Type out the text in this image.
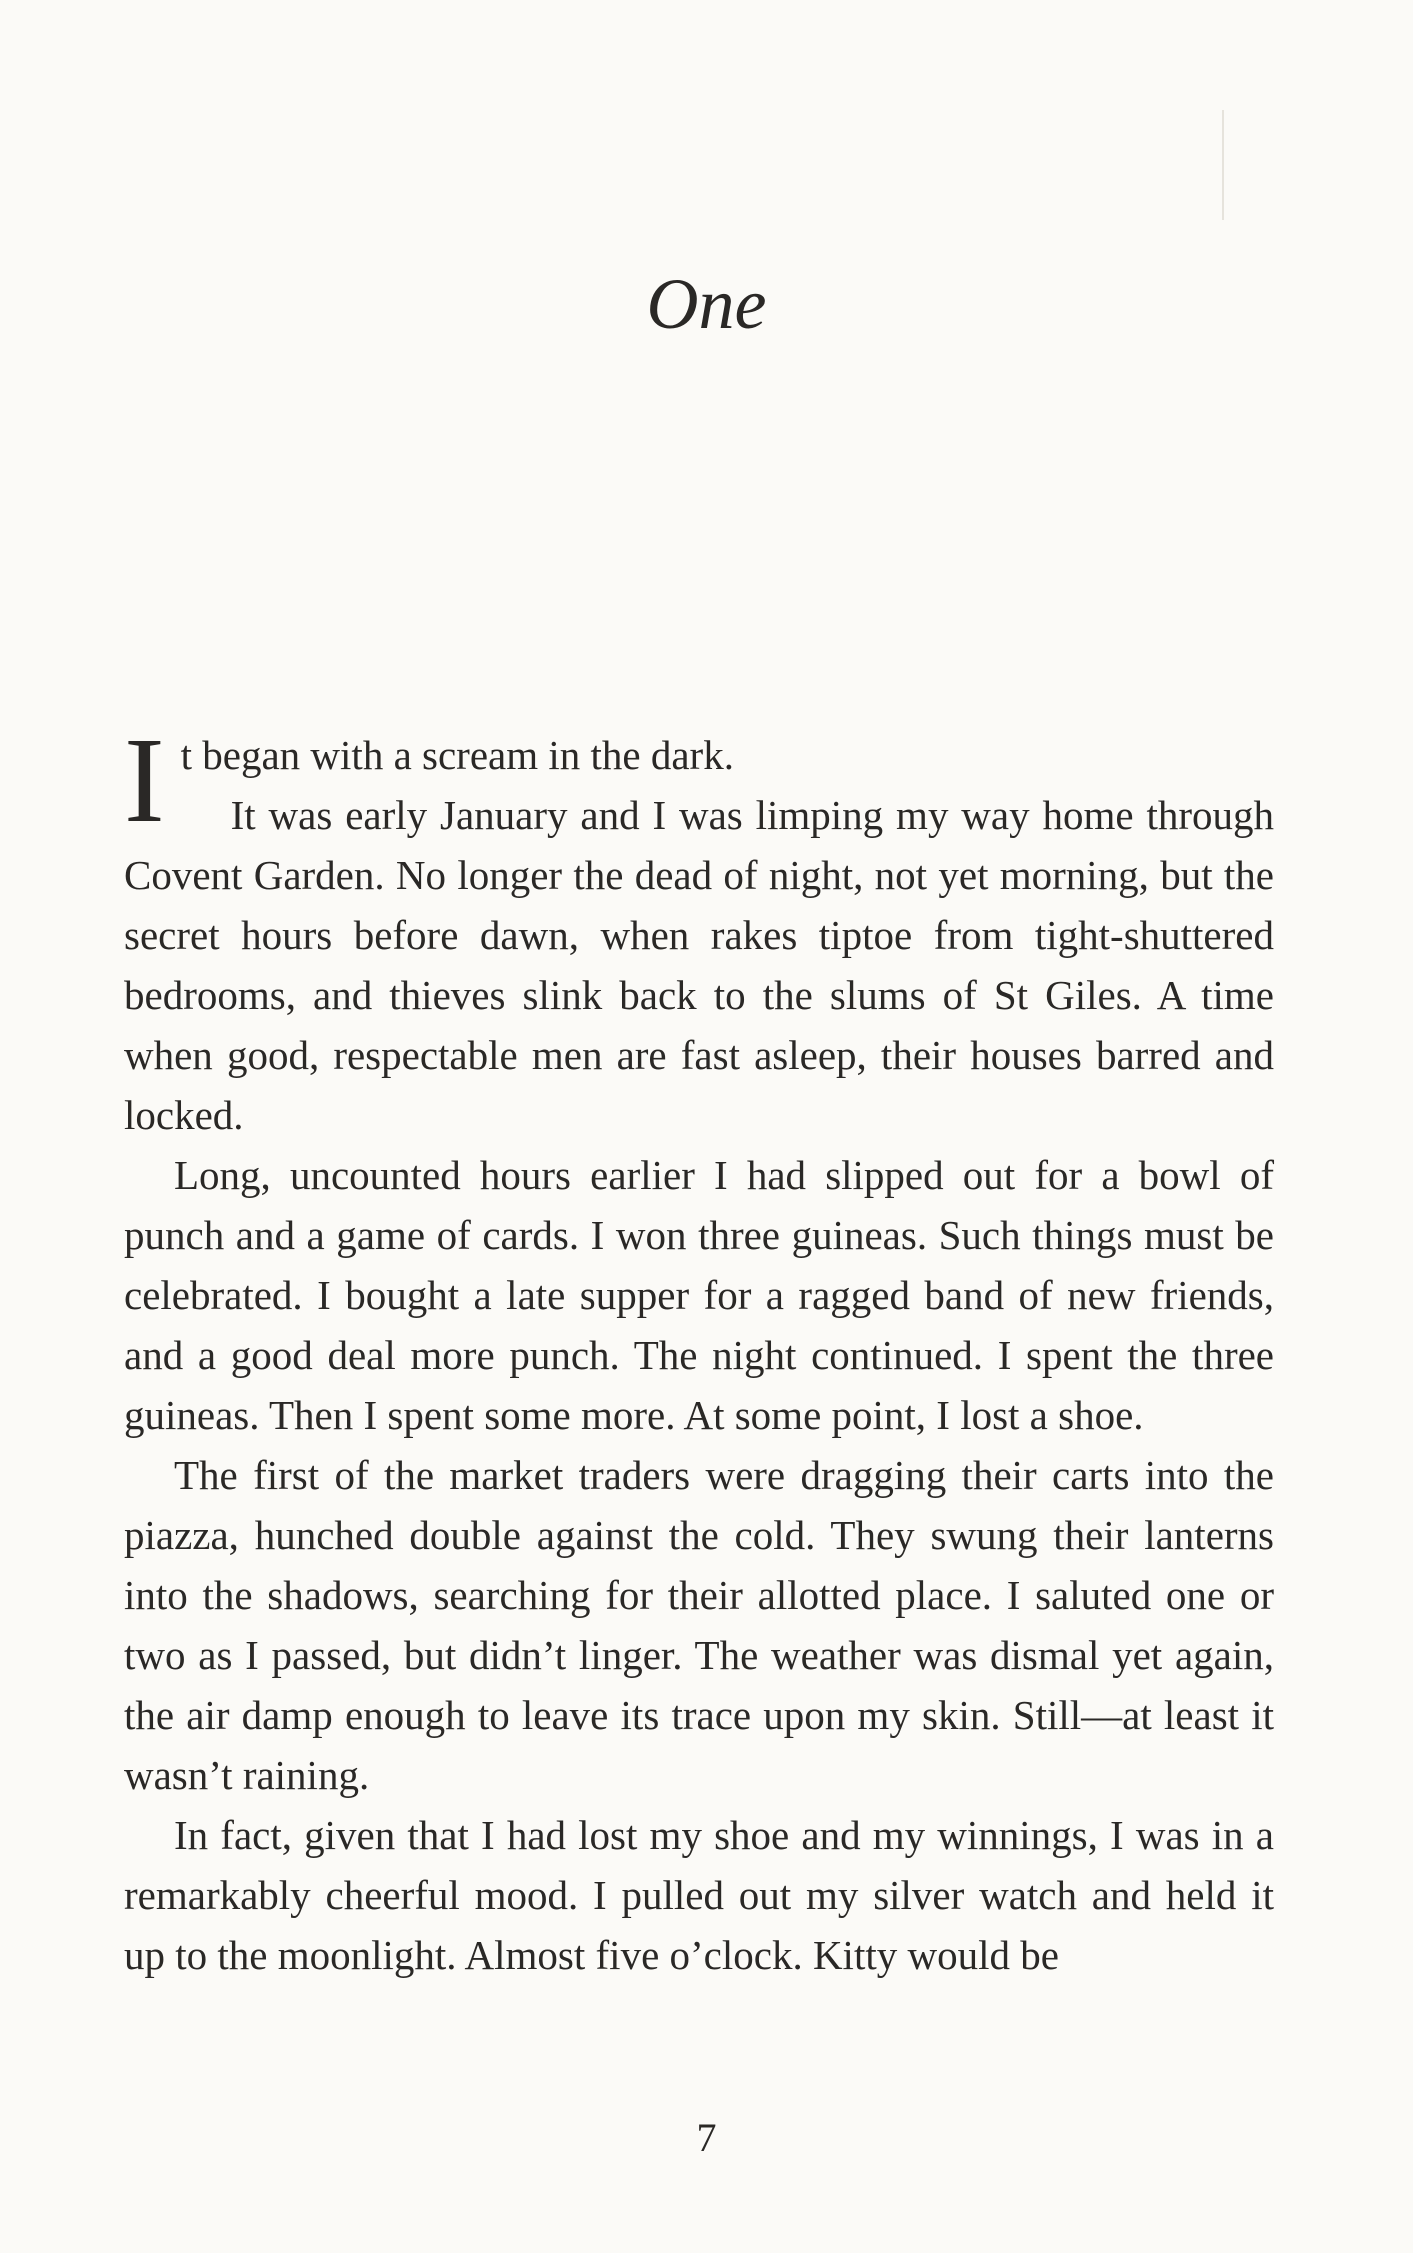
One

It began with a scream in the dark.

It was early January and I was limping my way home through Covent Garden. No longer the dead of night, not yet morning, but the secret hours before dawn, when rakes tiptoe from tight-shuttered bedrooms, and thieves slink back to the slums of St Giles. A time when good, respectable men are fast asleep, their houses barred and locked.

Long, uncounted hours earlier I had slipped out for a bowl of punch and a game of cards. I won three guineas. Such things must be celebrated. I bought a late supper for a ragged band of new friends, and a good deal more punch. The night continued. I spent the three guineas. Then I spent some more. At some point, I lost a shoe.

The first of the market traders were dragging their carts into the piazza, hunched double against the cold. They swung their lanterns into the shadows, searching for their allotted place. I saluted one or two as I passed, but didn’t linger. The weather was dismal yet again, the air damp enough to leave its trace upon my skin. Still—at least it wasn’t raining.

In fact, given that I had lost my shoe and my winnings, I was in a remarkably cheerful mood. I pulled out my silver watch and held it up to the moonlight. Almost five o’clock. Kitty would be

7
